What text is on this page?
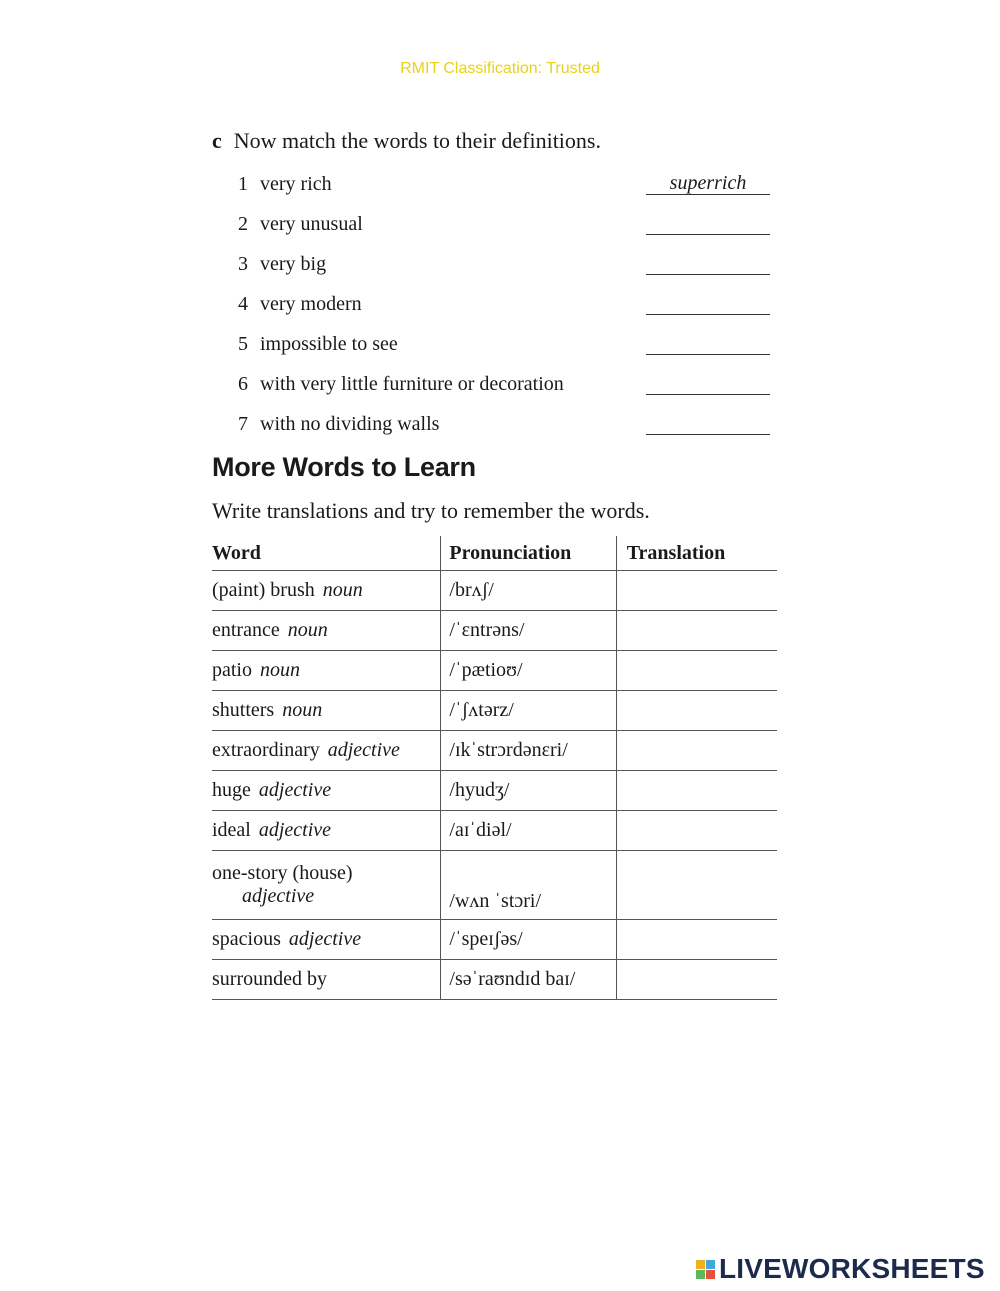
RMIT Classification: Trusted
c Now match the words to their definitions.
1 very rich	superrich
2 very unusual
3 very big
4 very modern
5 impossible to see
6 with very little furniture or decoration
7 with no dividing walls
More Words to Learn
Write translations and try to remember the words.
Word	Pronunciation	Translation
(paint) brush noun	/brʌʃ/	
entrance noun	/ˈɛntrəns/	
patio noun	/ˈpætioʊ/	
shutters noun	/ˈʃʌtərz/	
extraordinary adjective	/ɪkˈstrɔrdənɛri/	
huge adjective	/hyudʒ/	
ideal adjective	/aɪˈdiəl/	
one-story (house)
adjective	/wʌn ˈstɔri/	
spacious adjective	/ˈspeɪʃəs/	
surrounded by	/səˈraʊndɪd baɪ/	
LIVEWORKSHEETS
